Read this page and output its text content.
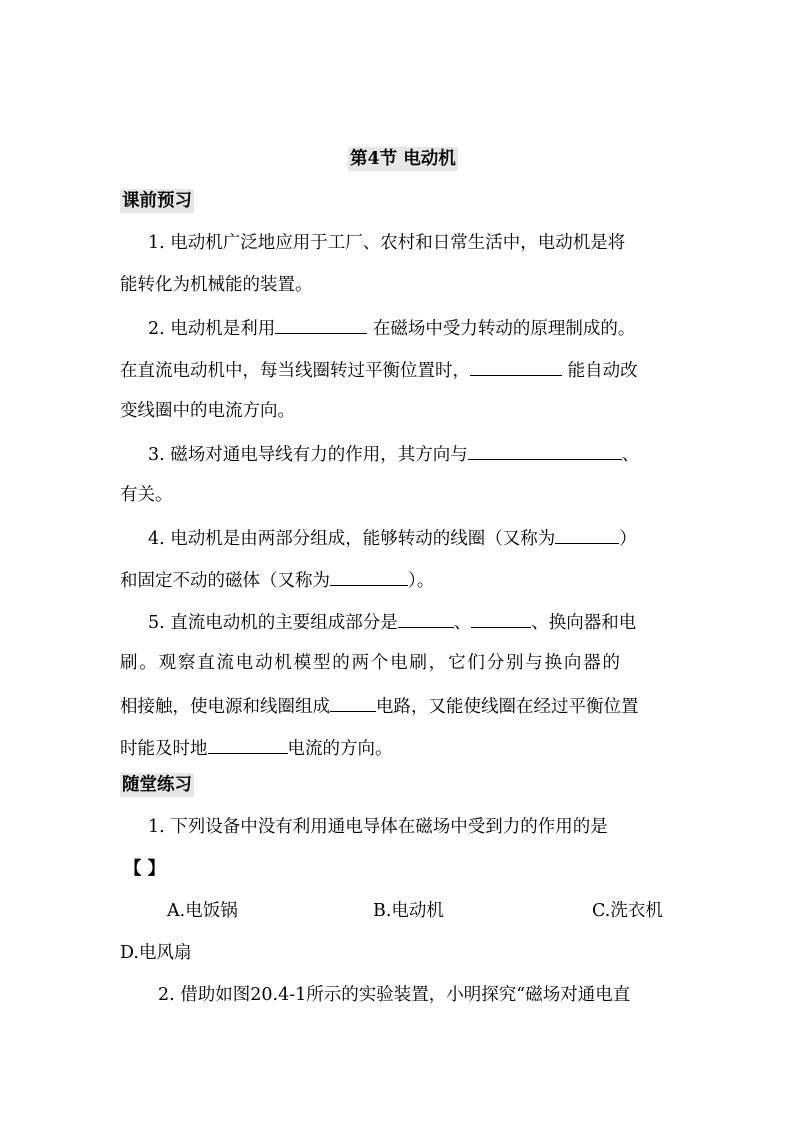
第4节 电动机
课前预习
1. 电动机广泛地应用于工厂、农村和日常生活中，电动机是将
能转化为机械能的装置。
2. 电动机是利用	在磁场中受力转动的原理制成的。
在直流电动机中，每当线圈转过平衡位置时，	能自动改
变线圈中的电流方向。
3. 磁场对通电导线有力的作用，其方向与	、
有关。
4. 电动机是由两部分组成，能够转动的线圈（又称为	）
和固定不动的磁体（又称为	）。
5. 直流电动机的主要组成部分是	、	、换向器和电
刷。观察直流电动机模型的两个电刷，它们分别与换向器的
相接触，使电源和线圈组成	电路，又能使线圈在经过平衡位置
时能及时地	电流的方向。
随堂练习
1. 下列设备中没有利用通电导体在磁场中受到力的作用的是
【 】
A.电饭锅	B.电动机	C.洗衣机
D.电风扇
2. 借助如图20.4-1所示的实验装置，小明探究“磁场对通电直
